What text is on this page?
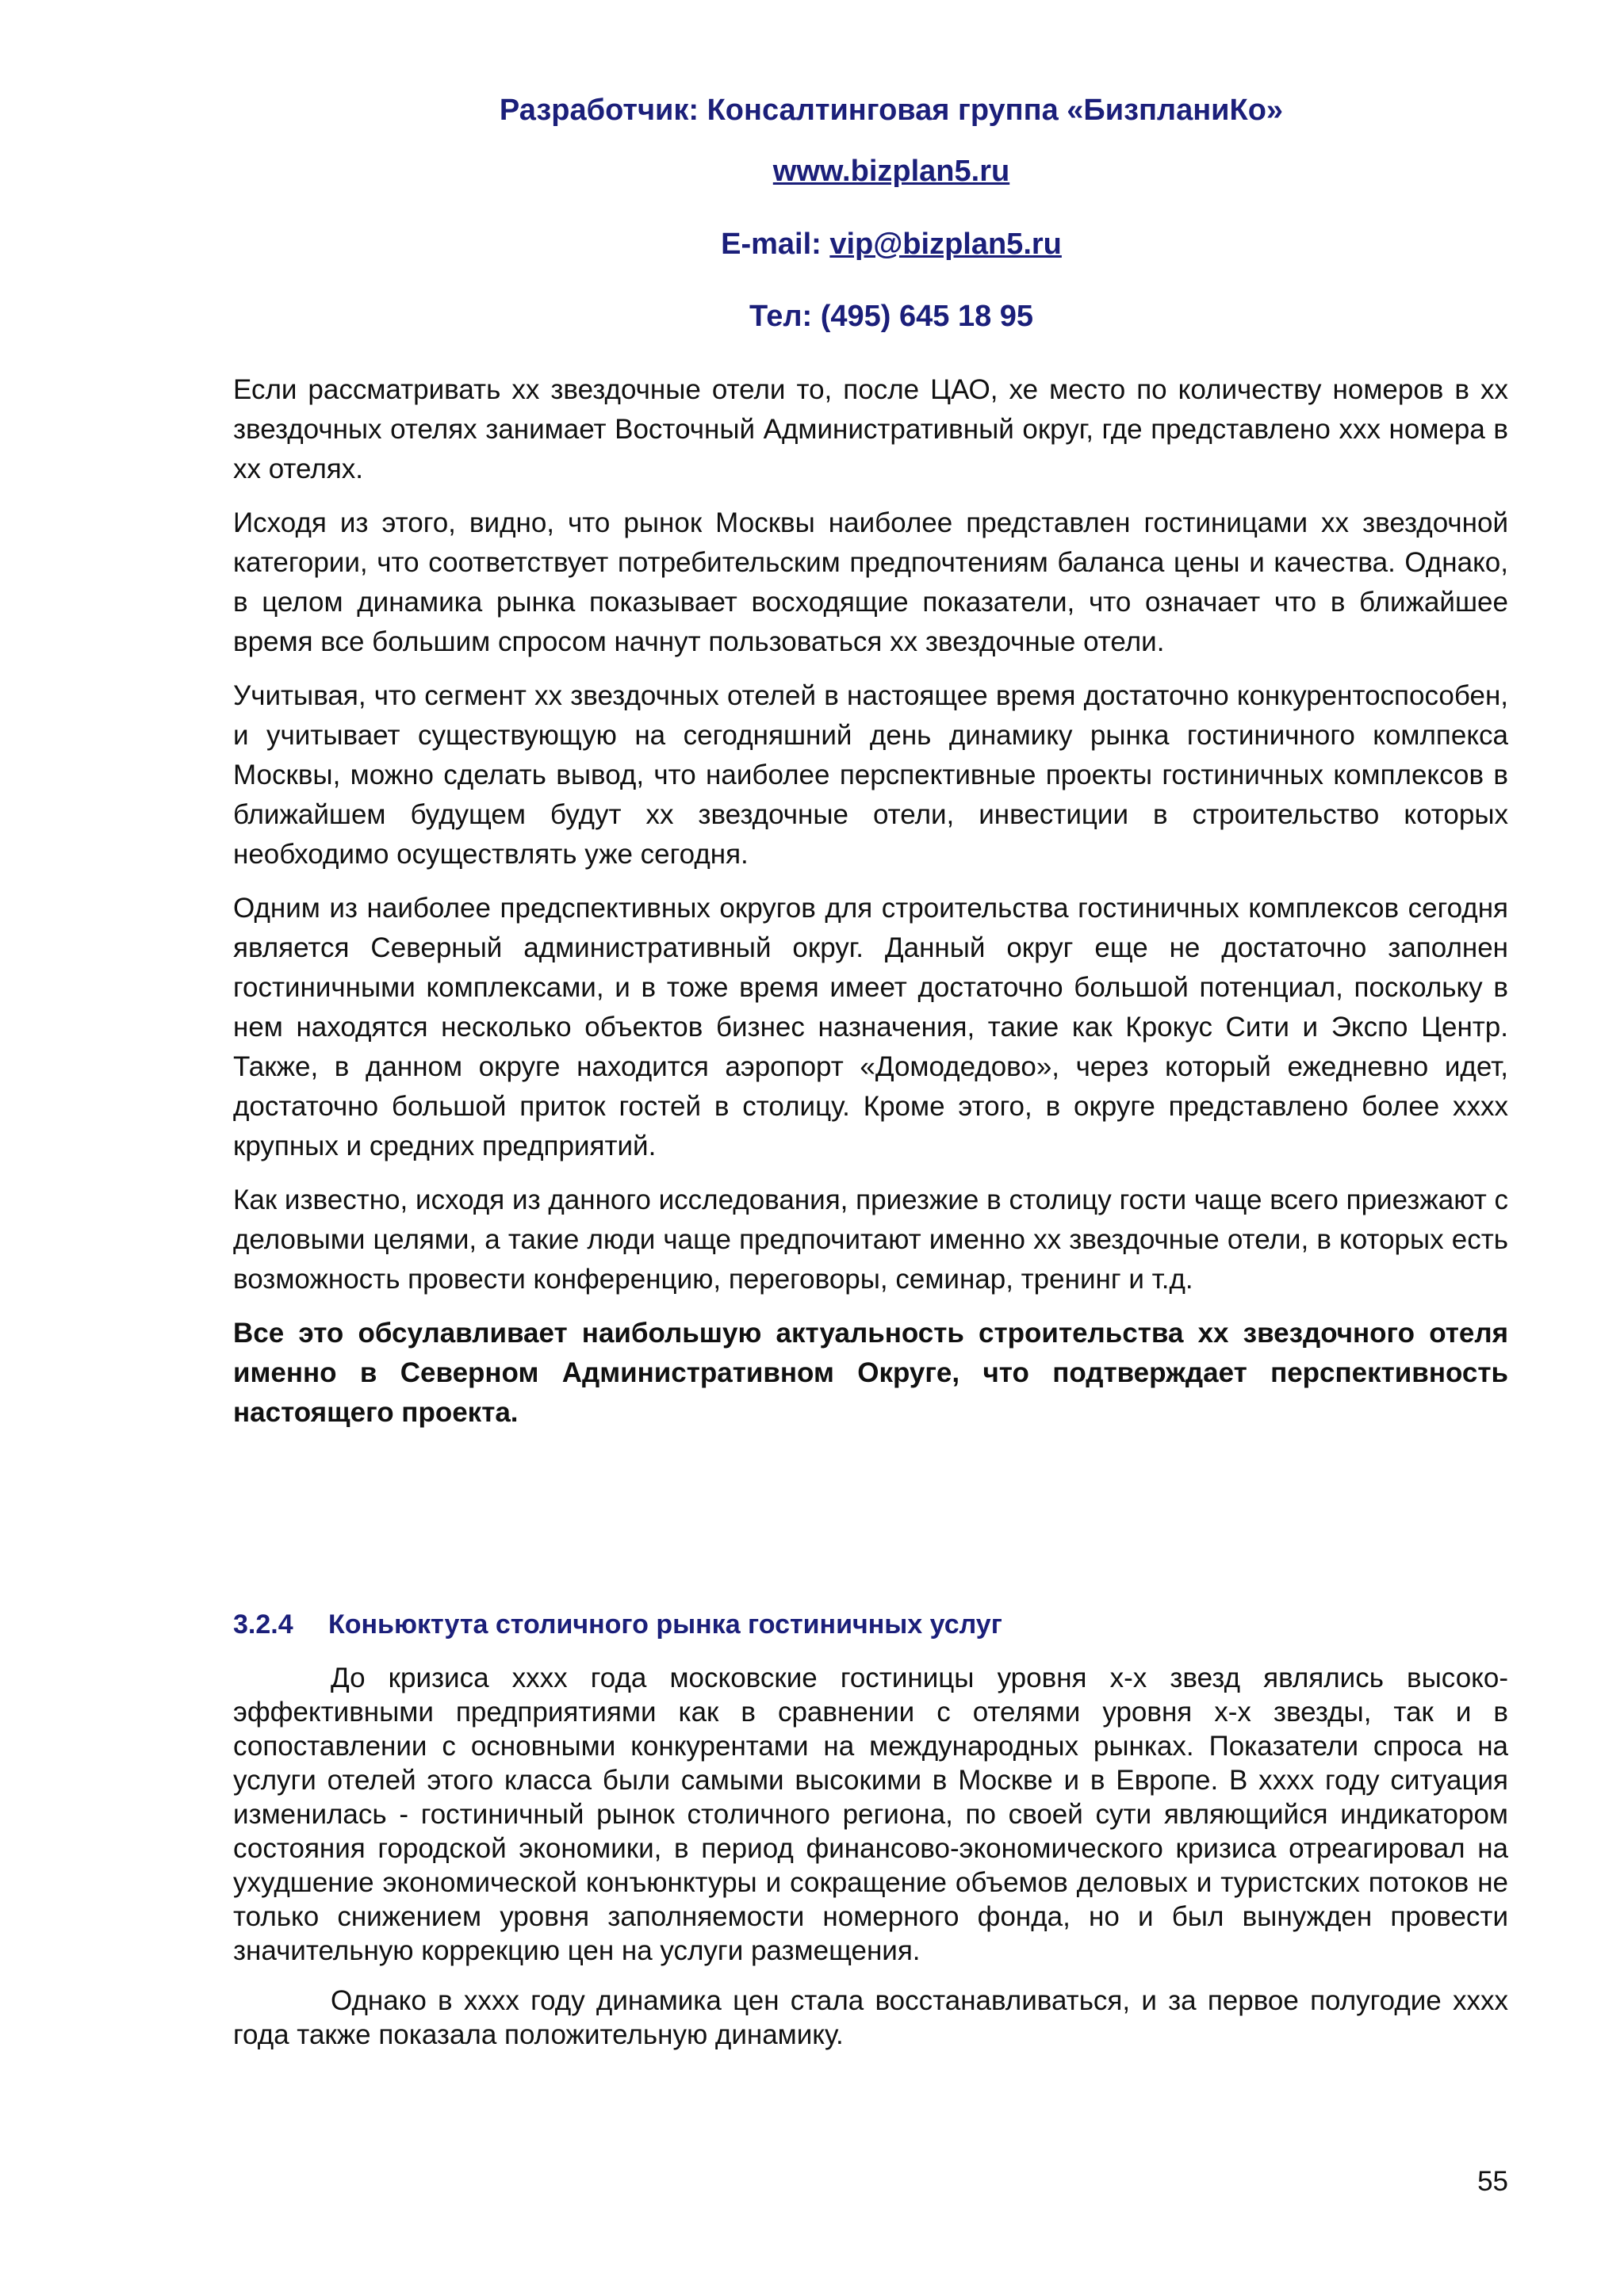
Разработчик: Консалтинговая группа «БизпланиКо»
www.bizplan5.ru
E-mail: vip@bizplan5.ru
Тел: (495) 645 18 95

Если рассматривать хх звездочные отели то, после ЦАО, хе место по количеству номеров в хх звездочных отелях занимает Восточный Административный округ, где представлено ххх номера в хх отелях.

Исходя из этого, видно, что рынок Москвы наиболее представлен гостиницами хх звездочной категории, что соответствует потребительским предпочтениям баланса цены и качества. Однако, в целом динамика рынка показывает восходящие показатели, что означает что в ближайшее время все большим спросом начнут пользоваться хх звездочные отели.

Учитывая, что сегмент хх звездочных отелей в настоящее время достаточно конкурентоспособен, и учитывает существующую на сегодняшний день динамику рынка гостиничного комлпекса Москвы, можно сделать вывод, что наиболее перспективные проекты гостиничных комплексов в ближайшем будущем будут хх звездочные отели, инвестиции в строительство которых необходимо осуществлять уже сегодня.

Одним из наиболее предспективных округов для строительства гостиничных комплексов сегодня является Северный административный округ. Данный округ еще не достаточно заполнен гостиничными комплексами, и в тоже время имеет достаточно большой потенциал, поскольку в нем находятся несколько объектов бизнес назначения, такие как Крокус Сити и Экспо Центр. Также, в данном округе находится аэропорт «Домодедово», через который ежедневно идет, достаточно большой приток гостей в столицу. Кроме этого, в округе представлено более хххх крупных и средних предприятий.

Как известно, исходя из данного исследования, приезжие в столицу гости чаще всего приезжают с деловыми целями, а такие люди чаще предпочитают именно хх звездочные отели, в которых есть возможность провести конференцию, переговоры, семинар, тренинг и т.д.

Все это обсулавливает наибольшую актуальность строительства хх звездочного отеля именно в Северном Административном Округе, что подтверждает перспективность настоящего проекта.

3.2.4 Коньюктута столичного рынка гостиничных услуг

До кризиса хххх года московские гостиницы уровня х-х звезд являлись высоко-эффективными предприятиями как в сравнении с отелями уровня х-х звезды, так и в сопоставлении с основными конкурентами на международных рынках. Показатели спроса на услуги отелей этого класса были самыми высокими в Москве и в Европе. В хххх году ситуация изменилась - гостиничный рынок столичного региона, по своей сути являющийся индикатором состояния городской экономики, в период финансово-экономического кризиса отреагировал на ухудшение экономической конъюнктуры и сокращение объемов деловых и туристских потоков не только снижением уровня заполняемости номерного фонда, но и был вынужден провести значительную коррекцию цен на услуги размещения.

Однако в хххх году динамика цен стала восстанавливаться, и за первое полугодие хххх года также показала положительную динамику.

55
